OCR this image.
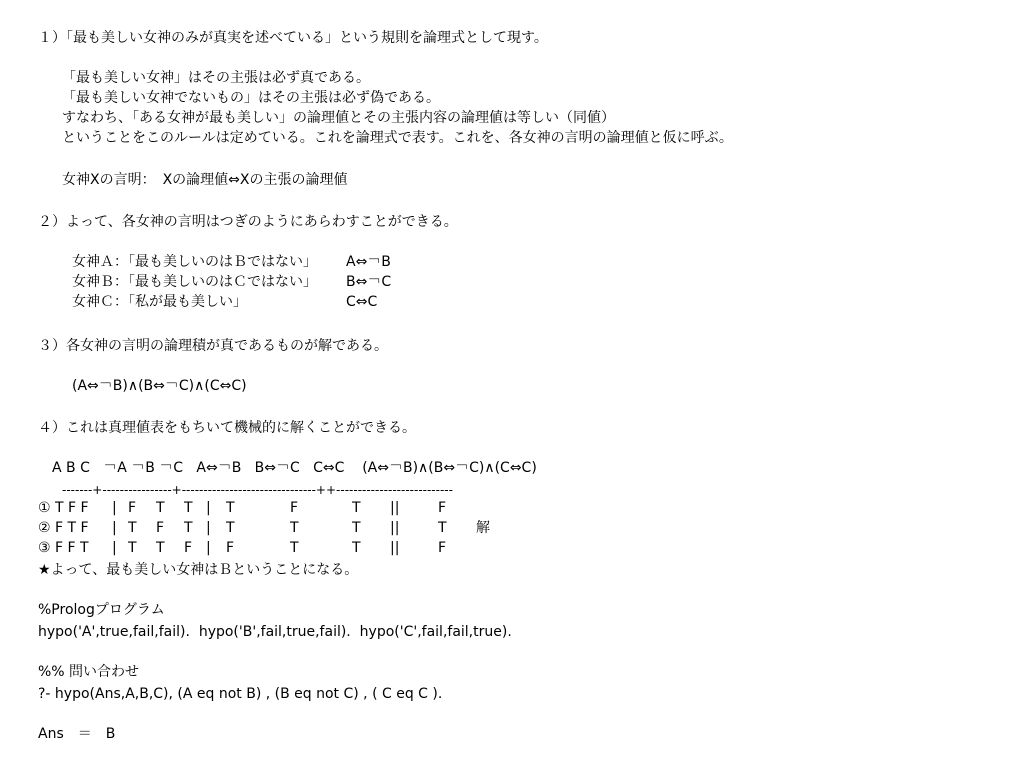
１）「最も美しい女神のみが真実を述べている」という規則を論理式として現す。
「最も美しい女神」はその主張は必ず真である。
「最も美しい女神でないもの」はその主張は必ず偽である。
すなわち、「ある女神が最も美しい」の論理値とその主張内容の論理値は等しい（同値）
ということをこのルールは定めている。これを論理式で表す。これを、各女神の言明の論理値と仮に呼ぶ。
女神Xの言明：　Xの論理値⇔Xの主張の論理値
２）よって、各女神の言明はつぎのようにあらわすことができる。
女神Ａ：「最も美しいのはＢではない」 A⇔￢B
女神Ｂ：「最も美しいのはＣではない」 B⇔￢C
女神Ｃ：「私が最も美しい」	C⇔C
３）各女神の言明の論理積が真であるものが解である。
(A⇔￢B)∧(B⇔￢C)∧(C⇔C)
４）これは真理値表をもちいて機械的に解くことができる。
A B C   ￢A ￢B ￢C   A⇔￢B   B⇔￢C   C⇔C    (A⇔￢B)∧(B⇔￢C)∧(C⇔C)
-------+----------------+-------------------------------++---------------------------
① T F F | F T T | T	F	T ||	F
② F T F | T F T | T	T	T ||	T 解
③ F F T | T T F | F	T	T ||	F
★よって、最も美しい女神はＢということになる。
%Prologプログラム
hypo('A',true,fail,fail).  hypo('B',fail,true,fail).  hypo('C',fail,fail,true).
%% 問い合わせ
?- hypo(Ans,A,B,C), (A eq not B) , (B eq not C) , ( C eq C ).
Ans　＝　B
